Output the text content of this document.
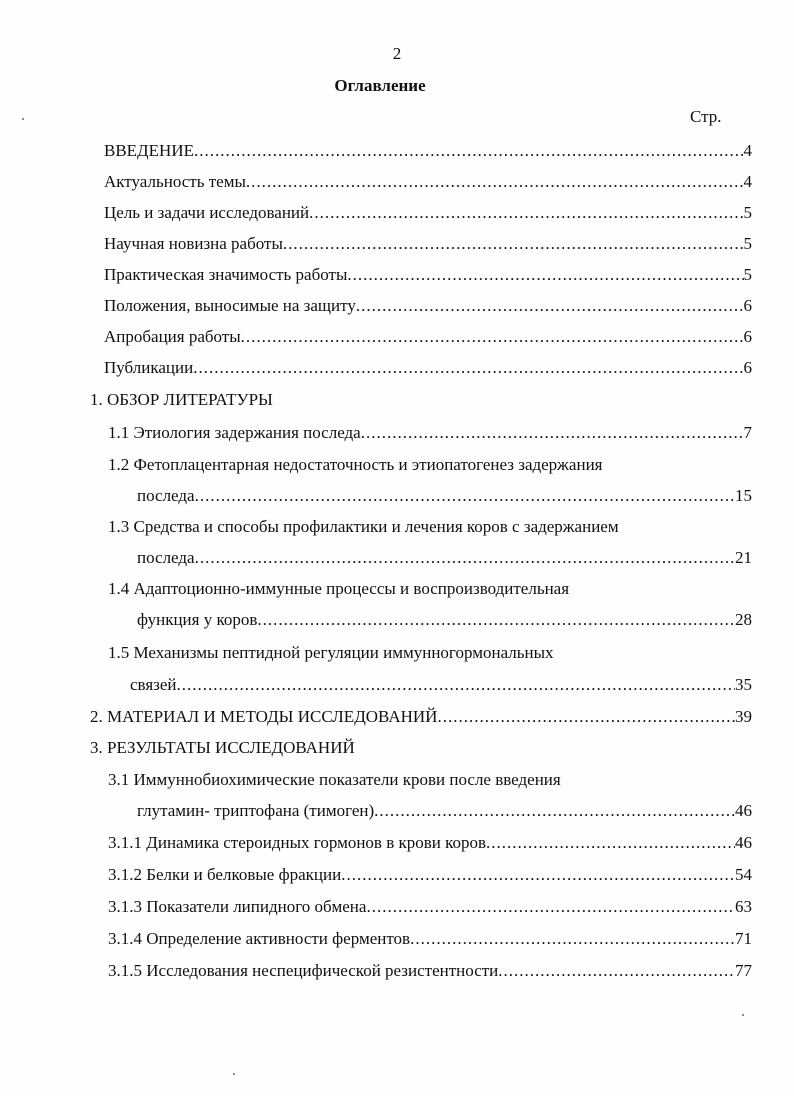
2
Оглавление
Стр.
ВВЕДЕНИЕ .....	4
Актуальность темы .....	4
Цель и задачи исследований .....	5
Научная новизна работы .....	5
Практическая значимость работы .....	5
Положения, выносимые на защиту .....	6
Апробация работы .....	6
Публикации .....	6
1. ОБЗОР ЛИТЕРАТУРЫ
1.1 Этиология задержания последа .....	7
1.2 Фетоплацентарная недостаточность и этиопатогенез задержания
последа .....	15
1.3 Средства и способы профилактики и лечения коров с задержанием
последа .....	21
1.4 Адаптоционно-иммунные процессы и воспроизводительная
функция у коров .....	28
1.5 Механизмы пептидной регуляции иммунногормональных
связей .....	35
2. МАТЕРИАЛ И МЕТОДЫ ИССЛЕДОВАНИЙ .....	39
3. РЕЗУЛЬТАТЫ ИССЛЕДОВАНИЙ
3.1 Иммуннобиохимические показатели крови после введения
глутамин- триптофана (тимоген) .....	46
3.1.1 Динамика стероидных гормонов в крови коров .....	46
3.1.2 Белки и белковые фракции .....	54
3.1.3 Показатели липидного обмена .....	63
3.1.4 Определение активности ферментов .....	71
3.1.5 Исследования неспецифической резистентности .....	77
